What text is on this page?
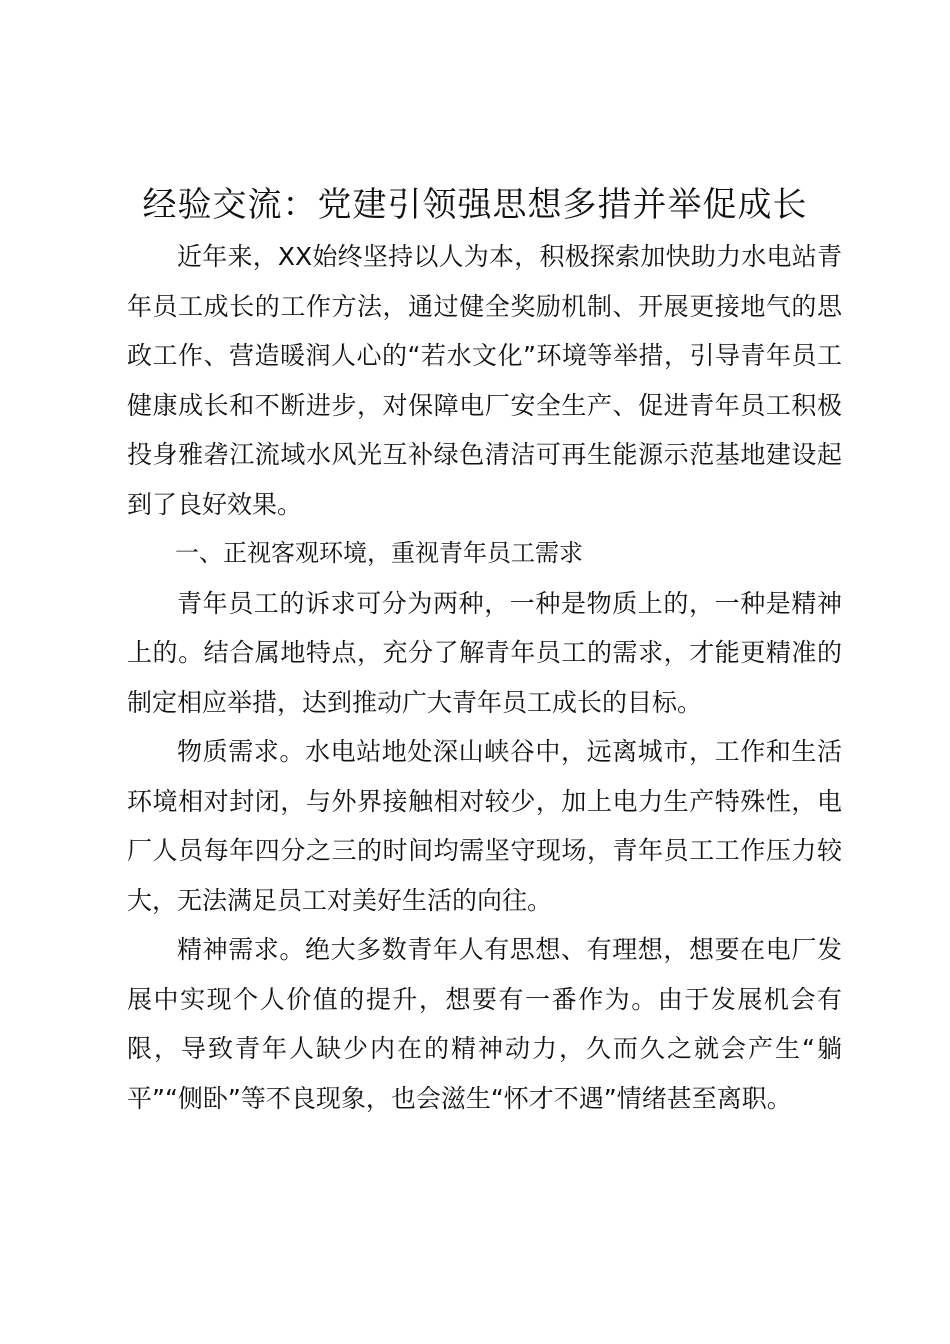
经验交流：党建引领强思想多措并举促成长

近年来，XX始终坚持以人为本，积极探索加快助力水电站青年员工成长的工作方法，通过健全奖励机制、开展更接地气的思政工作、营造暖润人心的“若水文化”环境等举措，引导青年员工健康成长和不断进步，对保障电厂安全生产、促进青年员工积极投身雅砻江流域水风光互补绿色清洁可再生能源示范基地建设起到了良好效果。

一、正视客观环境，重视青年员工需求

青年员工的诉求可分为两种，一种是物质上的，一种是精神上的。结合属地特点，充分了解青年员工的需求，才能更精准的制定相应举措，达到推动广大青年员工成长的目标。

物质需求。水电站地处深山峡谷中，远离城市，工作和生活环境相对封闭，与外界接触相对较少，加上电力生产特殊性，电厂人员每年四分之三的时间均需坚守现场，青年员工工作压力较大，无法满足员工对美好生活的向往。

精神需求。绝大多数青年人有思想、有理想，想要在电厂发展中实现个人价值的提升，想要有一番作为。由于发展机会有限，导致青年人缺少内在的精神动力，久而久之就会产生“躺平”“侧卧”等不良现象，也会滋生“怀才不遇”情绪甚至离职。
